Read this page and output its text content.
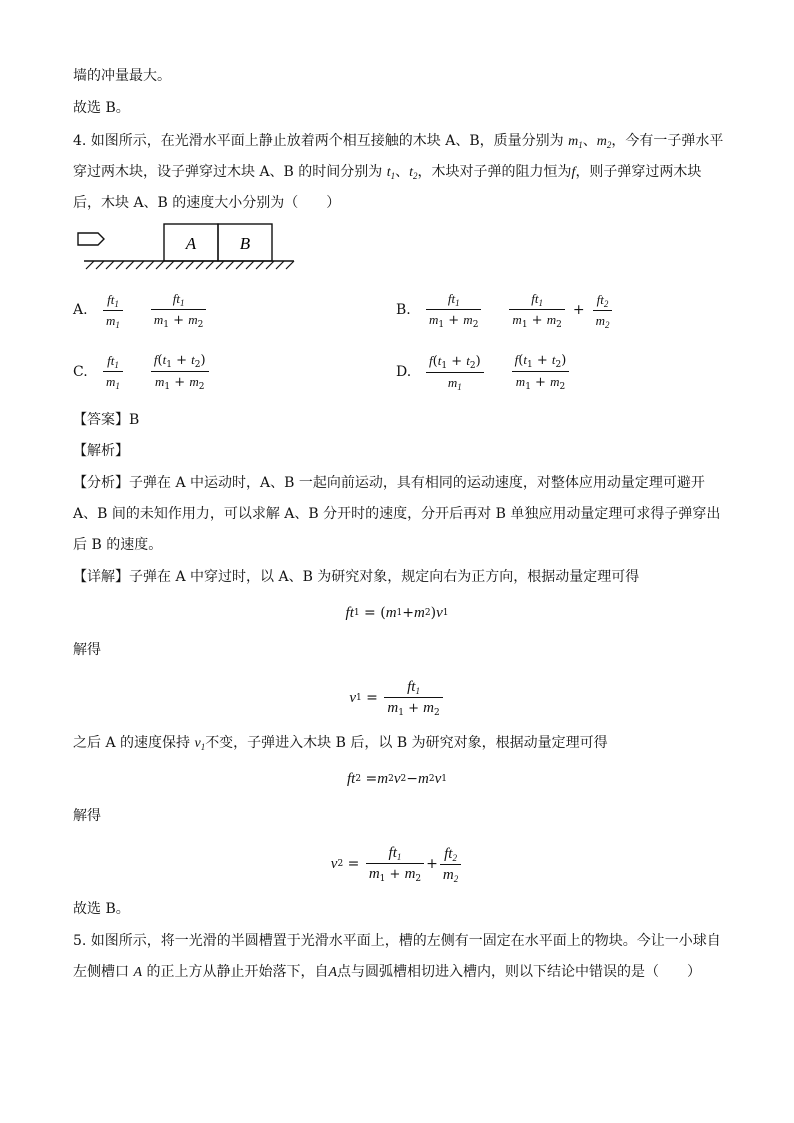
墙的冲量最大。
故选 B。
4. 如图所示，在光滑水平面上静止放着两个相互接触的木块 A、B，质量分别为 $m_1$、$m_2$，今有一子弹水平
穿过两木块，设子弹穿过木块 A、B 的时间分别为 $t_1$、$t_2$，木块对子弹的阻力恒为f，则子弹穿过两木块
后，木块 A、B 的速度大小分别为（　　）
A	B
A.	$\frac{ft_1}{m_1} \frac{ft_1}{m_1 + m_2}$	B.	$\frac{ft_1}{m_1 + m_2} \frac{ft_1}{m_1 + m_2} + \frac{ft_2}{m_2}$
C.	$\frac{ft_1}{m_1} \frac{f(t_1 + t_2)}{m_1 + m_2}$	D.	$\frac{f(t_1 + t_2)}{m_1} \frac{f(t_1 + t_2)}{m_1 + m_2}$
【答案】B
【解析】
【分析】子弹在 A 中运动时，A、B 一起向前运动，具有相同的运动速度，对整体应用动量定理可避开
A、B 间的未知作用力，可以求解 A、B 分开时的速度，分开后再对 B 单独应用动量定理可求得子弹穿出
后 B 的速度。
【详解】子弹在 A 中穿过时，以 A、B 为研究对象，规定向右为正方向，根据动量定理可得
ft 1 = ( m 1 + m 2 ) v 1
解得
v $1 = \frac{ft_1}{m_1 + m_2}$
之后 A 的速度保持 $v_1$不变，子弹进入木块 B 后，以 B 为研究对象，根据动量定理可得
ft 2 = m 2 v 2 − m 2 v 1
解得
v $2 = \frac{ft_1}{m_1 + m_2} + \frac{ft_2}{m_2}$
故选 B。
5. 如图所示，将一光滑的半圆槽置于光滑水平面上，槽的左侧有一固定在水平面上的物块。今让一小球自
左侧槽口 A 的正上方从静止开始落下，自A点与圆弧槽相切进入槽内，则以下结论中错误的是（　　）
